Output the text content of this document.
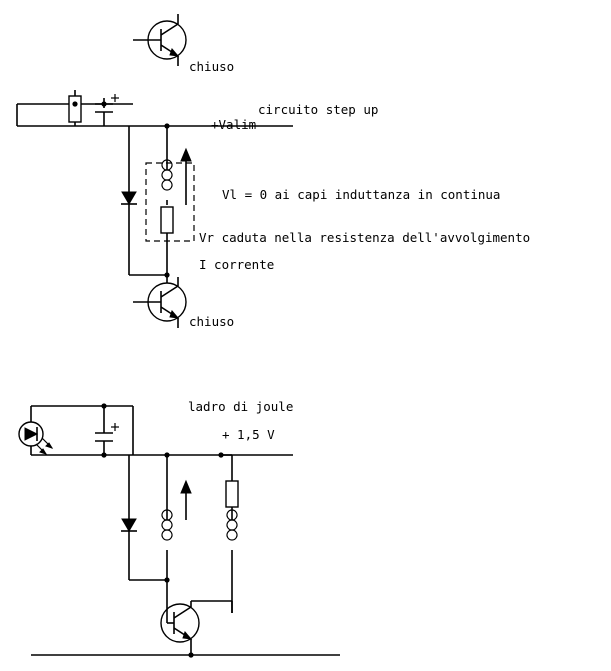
chiuso
circuito step up
+Valim
Vl = 0 ai capi induttanza in continua
Vr caduta nella resistenza dell'avvolgimento
I corrente
chiuso
ladro di joule
+ 1,5 V
